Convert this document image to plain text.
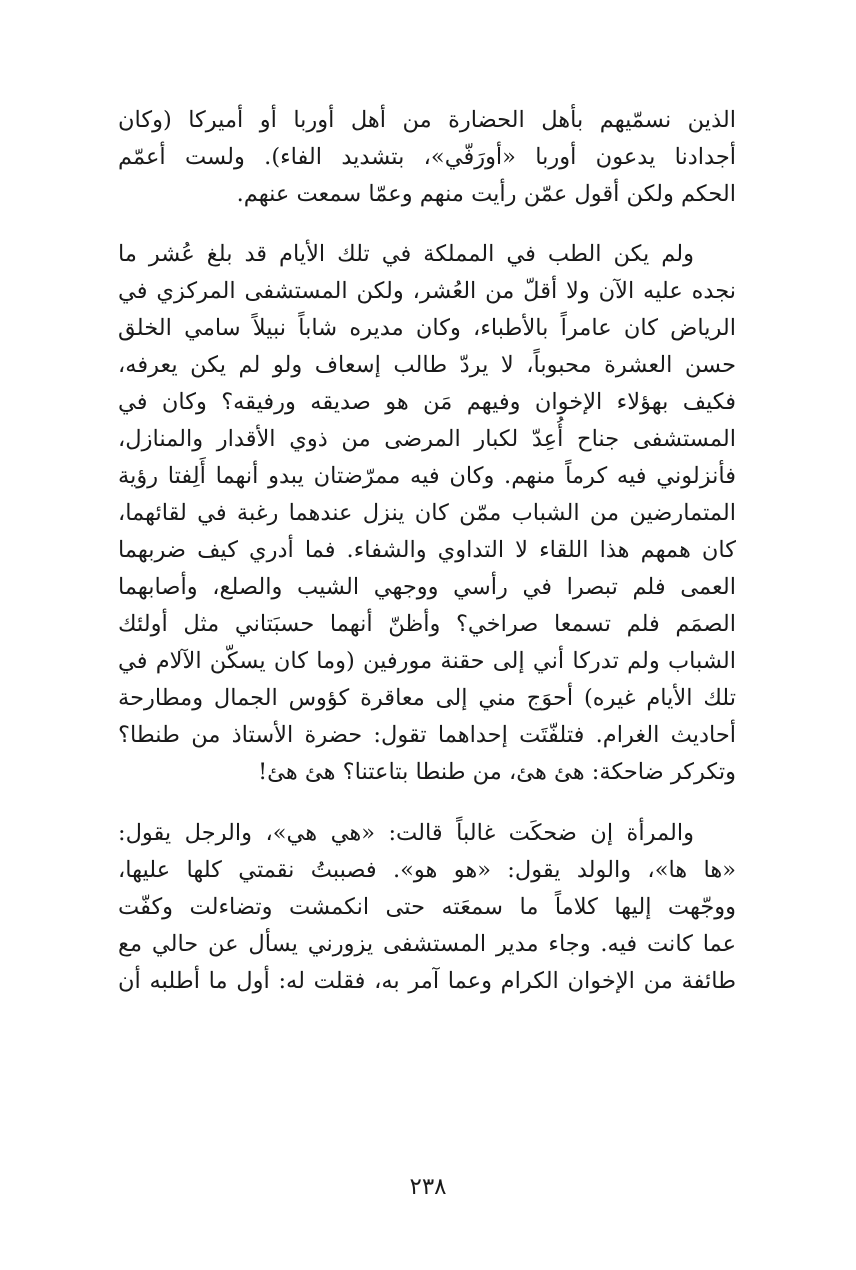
الذين نسمّيهم بأهل الحضارة من أهل أوربا أو أميركا (وكان
أجدادنا يدعون أوربا «أورَفّي»، بتشديد الفاء). ولست أعمّم
الحكم ولكن أقول عمّن رأيت منهم وعمّا سمعت عنهم.
ولم يكن الطب في المملكة في تلك الأيام قد بلغ عُشر ما
نجده عليه الآن ولا أقلّ من العُشر، ولكن المستشفى المركزي في
الرياض كان عامراً بالأطباء، وكان مديره شاباً نبيلاً سامي الخلق
حسن العشرة محبوباً، لا يردّ طالب إسعاف ولو لم يكن يعرفه،
فكيف بهؤلاء الإخوان وفيهم مَن هو صديقه ورفيقه؟ وكان في
المستشفى جناح أُعِدّ لكبار المرضى من ذوي الأقدار والمنازل،
فأنزلوني فيه كرماً منهم. وكان فيه ممرّضتان يبدو أنهما أَلِفتا رؤية
المتمارضين من الشباب ممّن كان ينزل عندهما رغبة في لقائهما،
كان همهم هذا اللقاء لا التداوي والشفاء. فما أدري كيف ضربهما
العمى فلم تبصرا في رأسي ووجهي الشيب والصلع، وأصابهما
الصمَم فلم تسمعا صراخي؟ وأظنّ أنهما حسبَتاني مثل أولئك
الشباب ولم تدركا أني إلى حقنة مورفين (وما كان يسكّن الآلام في
تلك الأيام غيره) أحوَج مني إلى معاقرة كؤوس الجمال ومطارحة
أحاديث الغرام. فتلفّتَت إحداهما تقول: حضرة الأستاذ من طنطا؟
وتكركر ضاحكة: هئ هئ، من طنطا بتاعتنا؟ هئ هئ!
والمرأة إن ضحكَت غالباً قالت: «هي هي»، والرجل يقول:
«ها ها»، والولد يقول: «هو هو». فصببتُ نقمتي كلها عليها،
ووجّهت إليها كلاماً ما سمعَته حتى انكمشت وتضاءلت وكفّت
عما كانت فيه. وجاء مدير المستشفى يزورني يسأل عن حالي مع
طائفة من الإخوان الكرام وعما آمر به، فقلت له: أول ما أطلبه أن
٢٣٨
